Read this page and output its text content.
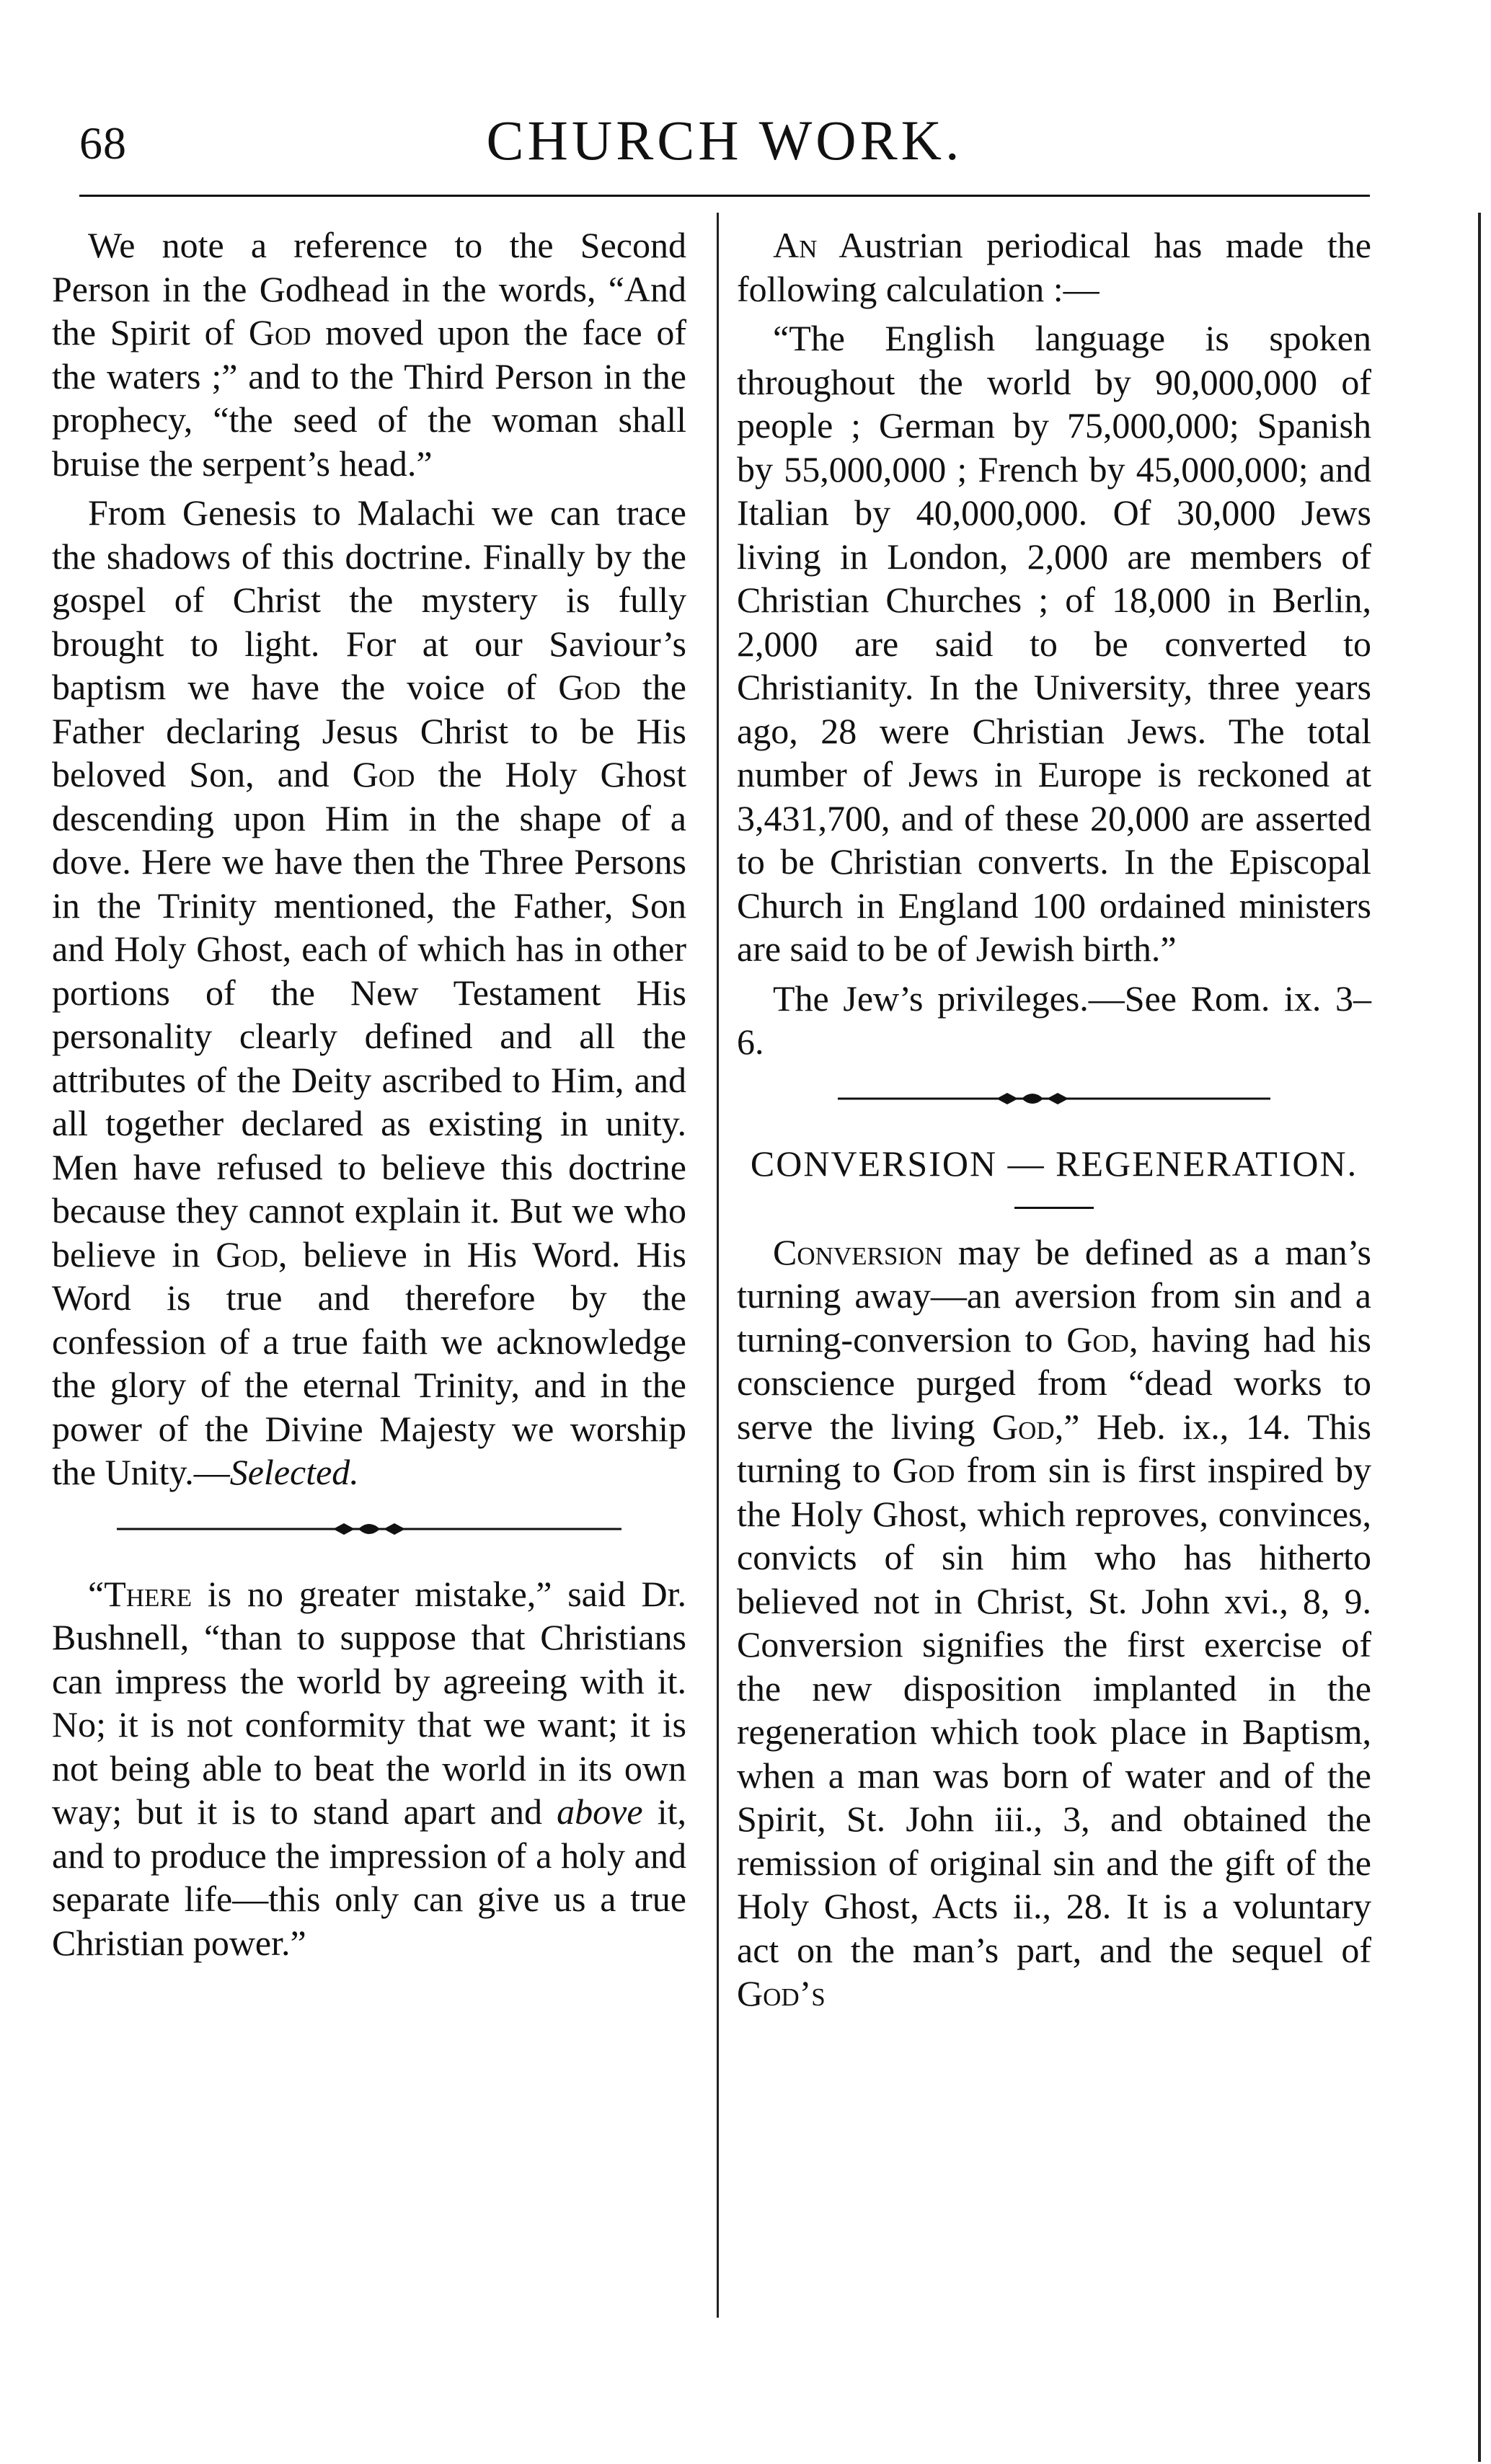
68	CHURCH WORK.

We note a reference to the Second Person in the Godhead in the words, “And the Spirit of God moved upon the face of the waters ;” and to the Third Person in the prophecy, “the seed of the woman shall bruise the serpent’s head.”

From Genesis to Malachi we can trace the shadows of this doctrine. Finally by the gospel of Christ the mystery is fully brought to light. For at our Saviour’s baptism we have the voice of God the Father declaring Jesus Christ to be His beloved Son, and God the Holy Ghost descending upon Him in the shape of a dove. Here we have then the Three Persons in the Trinity mentioned, the Father, Son and Holy Ghost, each of which has in other portions of the New Testament His personality clearly defined and all the attributes of the Deity ascribed to Him, and all together declared as existing in unity. Men have refused to believe this doctrine because they cannot explain it. But we who believe in God, believe in His Word. His Word is true and therefore by the confession of a true faith we acknowledge the glory of the eternal Trinity, and in the power of the Divine Majesty we worship the Unity.—Selected.

“There is no greater mistake,” said Dr. Bushnell, “than to suppose that Christians can impress the world by agreeing with it. No; it is not conformity that we want; it is not being able to beat the world in its own way; but it is to stand apart and above it, and to produce the impression of a holy and separate life—this only can give us a true Christian power.”

An Austrian periodical has made the following calculation :—

“The English language is spoken throughout the world by 90,000,000 of people ; German by 75,000,000; Spanish by 55,000,000 ; French by 45,000,000; and Italian by 40,000,000. Of 30,000 Jews living in London, 2,000 are members of Christian Churches ; of 18,000 in Berlin, 2,000 are said to be converted to Christianity. In the University, three years ago, 28 were Christian Jews. The total number of Jews in Europe is reckoned at 3,431,700, and of these 20,000 are asserted to be Christian converts. In the Episcopal Church in England 100 ordained ministers are said to be of Jewish birth.”

The Jew’s privileges.—See Rom. ix. 3–6.

CONVERSION — REGENERATION.

Conversion may be defined as a man’s turning away—an aversion from sin and a turning-conversion to God, having had his conscience purged from “dead works to serve the living God,” Heb. ix., 14. This turning to God from sin is first inspired by the Holy Ghost, which reproves, convinces, convicts of sin him who has hitherto believed not in Christ, St. John xvi., 8, 9. Conversion signifies the first exercise of the new disposition implanted in the regeneration which took place in Baptism, when a man was born of water and of the Spirit, St. John iii., 3, and obtained the remission of original sin and the gift of the Holy Ghost, Acts ii., 28. It is a voluntary act on the man’s part, and the sequel of God’s
